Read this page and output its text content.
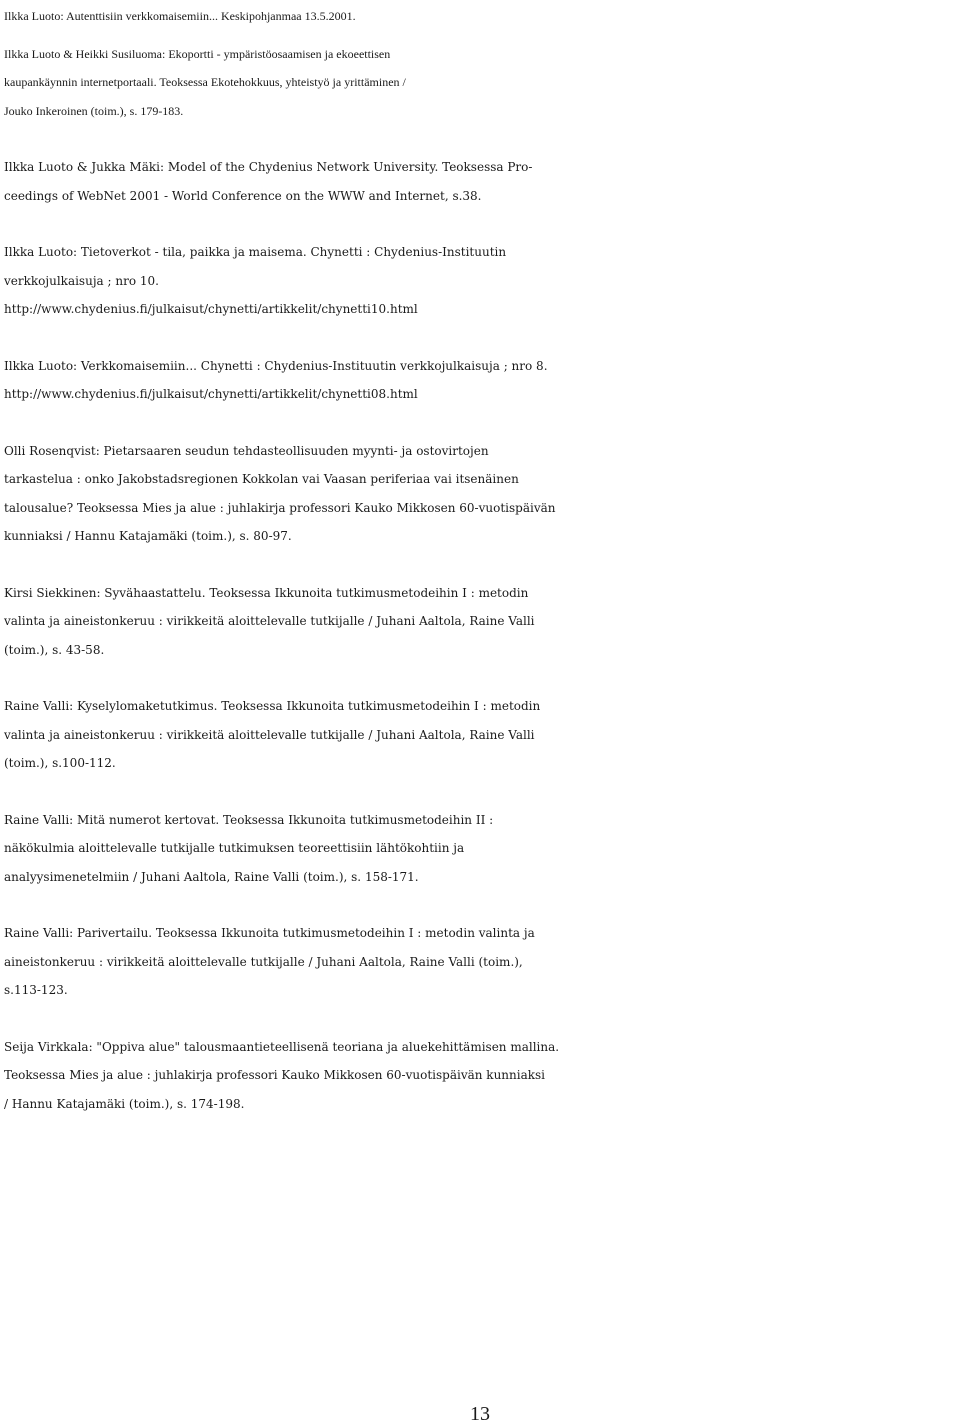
Ilkka Luoto: Autenttisiin verkkomaisemiin... Keskipohjanmaa 13.5.2001.
Ilkka Luoto & Heikki Susiluoma: Ekoportti - ympäristöosaamisen ja ekoeettisen
kaupankäynnin internetportaali. Teoksessa Ekotehokkuus, yhteistyö ja yrittäminen /
Jouko Inkeroinen (toim.), s. 179-183.
Ilkka Luoto & Jukka Mäki: Model of the Chydenius Network University. Teoksessa Pro-
ceedings of WebNet 2001 - World Conference on the WWW and Internet, s.38.
Ilkka Luoto: Tietoverkot - tila, paikka ja maisema. Chynetti : Chydenius-Instituutin
verkkojulkaisuja ; nro 10.
http://www.chydenius.fi/julkaisut/chynetti/artikkelit/chynetti10.html
Ilkka Luoto: Verkkomaisemiin... Chynetti : Chydenius-Instituutin verkkojulkaisuja ; nro 8.
http://www.chydenius.fi/julkaisut/chynetti/artikkelit/chynetti08.html
Olli Rosenqvist: Pietarsaaren seudun tehdasteollisuuden myynti- ja ostovirtojen
tarkastelua : onko Jakobstadsregionen Kokkolan vai Vaasan periferiaa vai itsenäinen
talousalue? Teoksessa Mies ja alue : juhlakirja professori Kauko Mikkosen 60-vuotispäivän
kunniaksi / Hannu Katajamäki (toim.), s. 80-97.
Kirsi Siekkinen: Syvähaastattelu. Teoksessa Ikkunoita tutkimusmetodeihin I : metodin
valinta ja aineistonkeruu : virikkeitä aloittelevalle tutkijalle / Juhani Aaltola, Raine Valli
(toim.), s. 43-58.
Raine Valli: Kyselylomaketutkimus. Teoksessa Ikkunoita tutkimusmetodeihin I : metodin
valinta ja aineistonkeruu : virikkeitä aloittelevalle tutkijalle / Juhani Aaltola, Raine Valli
(toim.), s.100-112.
Raine Valli: Mitä numerot kertovat. Teoksessa Ikkunoita tutkimusmetodeihin II :
näkökulmia aloittelevalle tutkijalle tutkimuksen teoreettisiin lähtökohtiin ja
analyysimenetelmiin / Juhani Aaltola, Raine Valli (toim.), s. 158-171.
Raine Valli: Parivertailu. Teoksessa Ikkunoita tutkimusmetodeihin I : metodin valinta ja
aineistonkeruu : virikkeitä aloittelevalle tutkijalle / Juhani Aaltola, Raine Valli (toim.),
s.113-123.
Seija Virkkala: "Oppiva alue" talousmaantieteellisenä teoriana ja aluekehittämisen mallina.
Teoksessa Mies ja alue : juhlakirja professori Kauko Mikkosen 60-vuotispäivän kunniaksi
/ Hannu Katajamäki (toim.), s. 174-198.
13
